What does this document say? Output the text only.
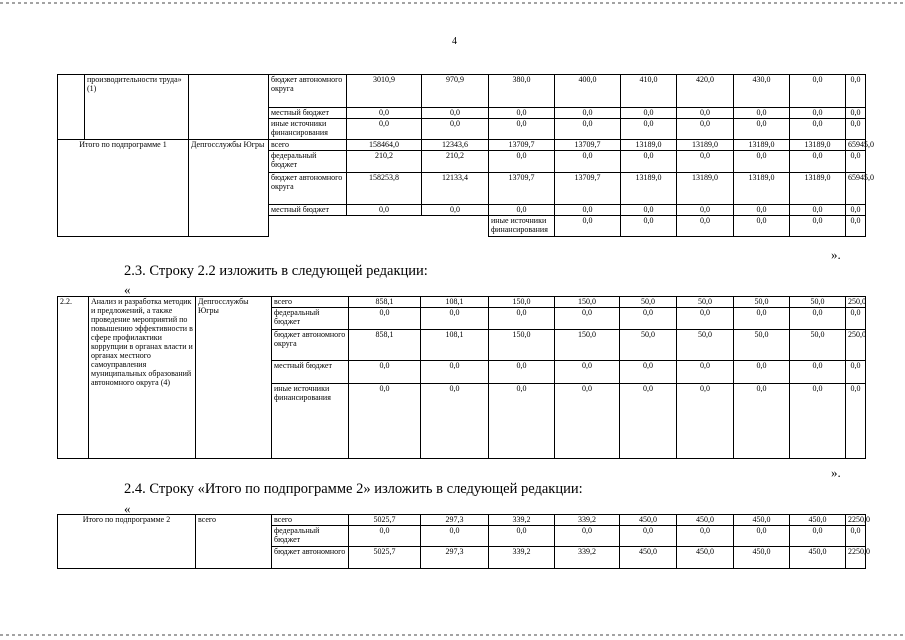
4
	производительности труда» (1)		бюджет автономного округа	3010,9	970,9	380,0	400,0	410,0	420,0	430,0	0,0	0,0	
			местный бюджет	0,0	0,0	0,0	0,0	0,0	0,0	0,0	0,0	0,0	
			иные источники финансирования	0,0	0,0	0,0	0,0	0,0	0,0	0,0	0,0	0,0	
Итого по подпрограмме 1		Депгосслужбы Югры	всего	158464,0	12343,6	13709,7	13709,7	13189,0	13189,0	13189,0	13189,0	65945,0	
			федеральный бюджет	210,2	210,2	0,0	0,0	0,0	0,0	0,0	0,0	0,0	
			бюджет автономного округа	158253,8	12133,4	13709,7	13709,7	13189,0	13189,0	13189,0	13189,0	65945,0	
			местный бюджет	0,0	0,0	0,0	0,0	0,0	0,0	0,0	0,0	0,0	
						иные источники финансирования	0,0	0,0	0,0	0,0	0,0	0,0			
».
2.3. Строку 2.2 изложить в следующей редакции:
«
2.2.	Анализ и разработка методик и предложений, а также проведение мероприятий по повышению эффективности в сфере профилактики коррупции в органах власти и органах местного самоуправления муниципальных образований автономного округа (4)	Депгосслужбы Югры	всего	858,1	108,1	150,0	150,0	50,0	50,0	50,0	50,0	250,0
			федеральный бюджет	0,0	0,0	0,0	0,0	0,0	0,0	0,0	0,0	0,0
			бюджет автономного округа	858,1	108,1	150,0	150,0	50,0	50,0	50,0	50,0	250,0
			местный бюджет	0,0	0,0	0,0	0,0	0,0	0,0	0,0	0,0	0,0
			иные источники финансирования	0,0	0,0	0,0	0,0	0,0	0,0	0,0	0,0	0,0
».
2.4. Строку «Итого по подпрограмме 2» изложить в следующей редакции:
«
Итого по подпрограмме 2	всего	всего	5025,7	297,3	339,2	339,2	450,0	450,0	450,0	450,0	2250,0
		федеральный бюджет	0,0	0,0	0,0	0,0	0,0	0,0	0,0	0,0	0,0
		бюджет автономного	5025,7	297,3	339,2	339,2	450,0	450,0	450,0	450,0	2250,0
